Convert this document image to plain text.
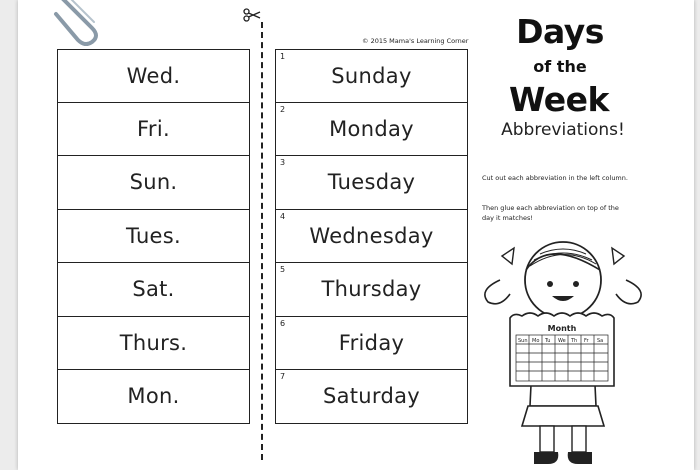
Wed.
Fri.
Sun.
Tues.
Sat.
Thurs.
Mon.
© 2015 Mama's Learning Corner
1
Sunday
2
Monday
3
Tuesday
4
Wednesday
5
Thursday
6
Friday
7
Saturday
Days
of the
Week
Abbreviations!
Cut out each abbreviation in the left column.
Then glue each abbreviation on top of the day it matches!
Month
Sun Mo Tu We Th Fr Sa
